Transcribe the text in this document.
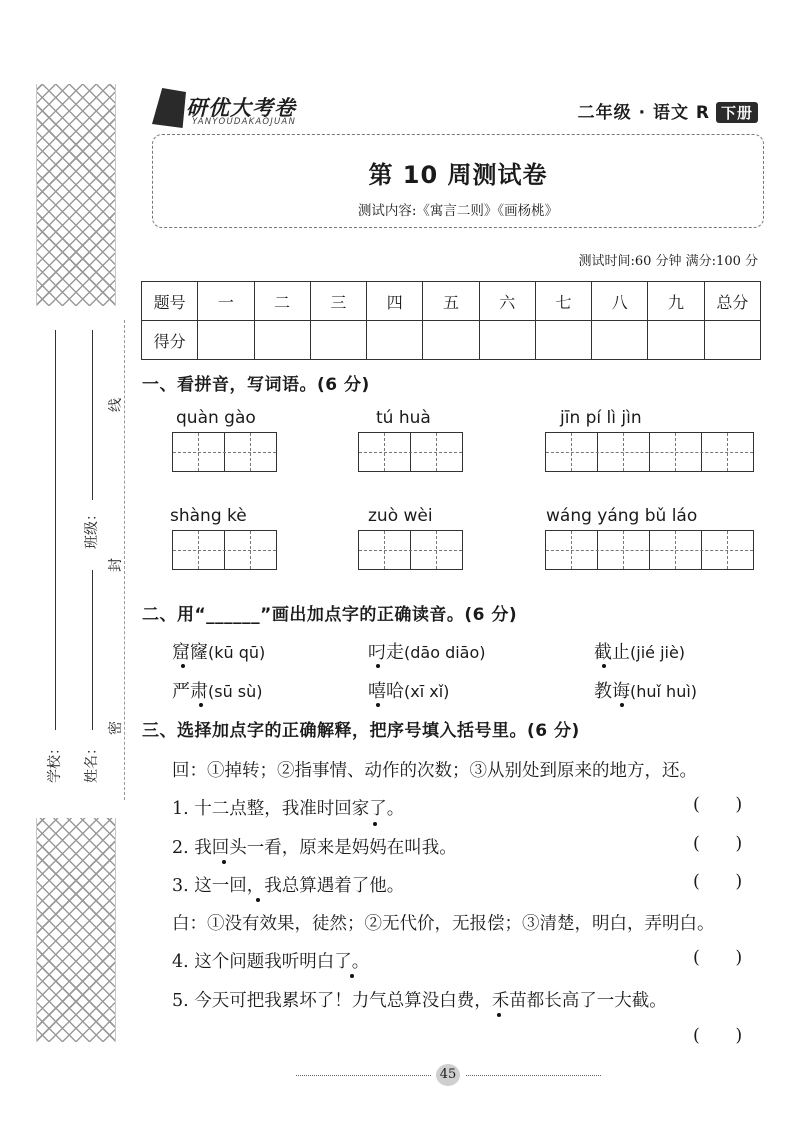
班级：
学校： 姓名：
线
封
密
研优大考卷
YANYOUDAKAOJUAN	二年级 · 语文 R 下册
第 10 周测试卷
测试内容:《寓言二则》《画杨桃》
测试时间:60 分钟 满分:100 分
题号	一	二	三	四	五	六	七	八	九	总分
得分										
一、看拼音，写词语。(6 分)
quàn gào	tú huà	jīn pí lì jìn
shàng kè	zuò wèi	wáng yáng bǔ láo
二、用“______”画出加点字的正确读音。(6 分)
窟窿(kū qū)	叼走(dāo diāo)	截止(jié jiè)
严肃(sū sù)	嘻哈(xī xǐ)	教诲(huǐ huì)
三、选择加点字的正确解释，把序号填入括号里。(6 分)
回：①掉转；②指事情、动作的次数；③从别处到原来的地方，还。
1. 十二点整，我准时回家了。	( )
2. 我回头一看，原来是妈妈在叫我。	( )
3. 这一回，我总算遇着了他。	( )
白：①没有效果，徒然；②无代价，无报偿；③清楚，明白，弄明白。
4. 这个问题我听明白了。	( )
5. 今天可把我累坏了！力气总算没白费，禾苗都长高了一大截。
( )
45
